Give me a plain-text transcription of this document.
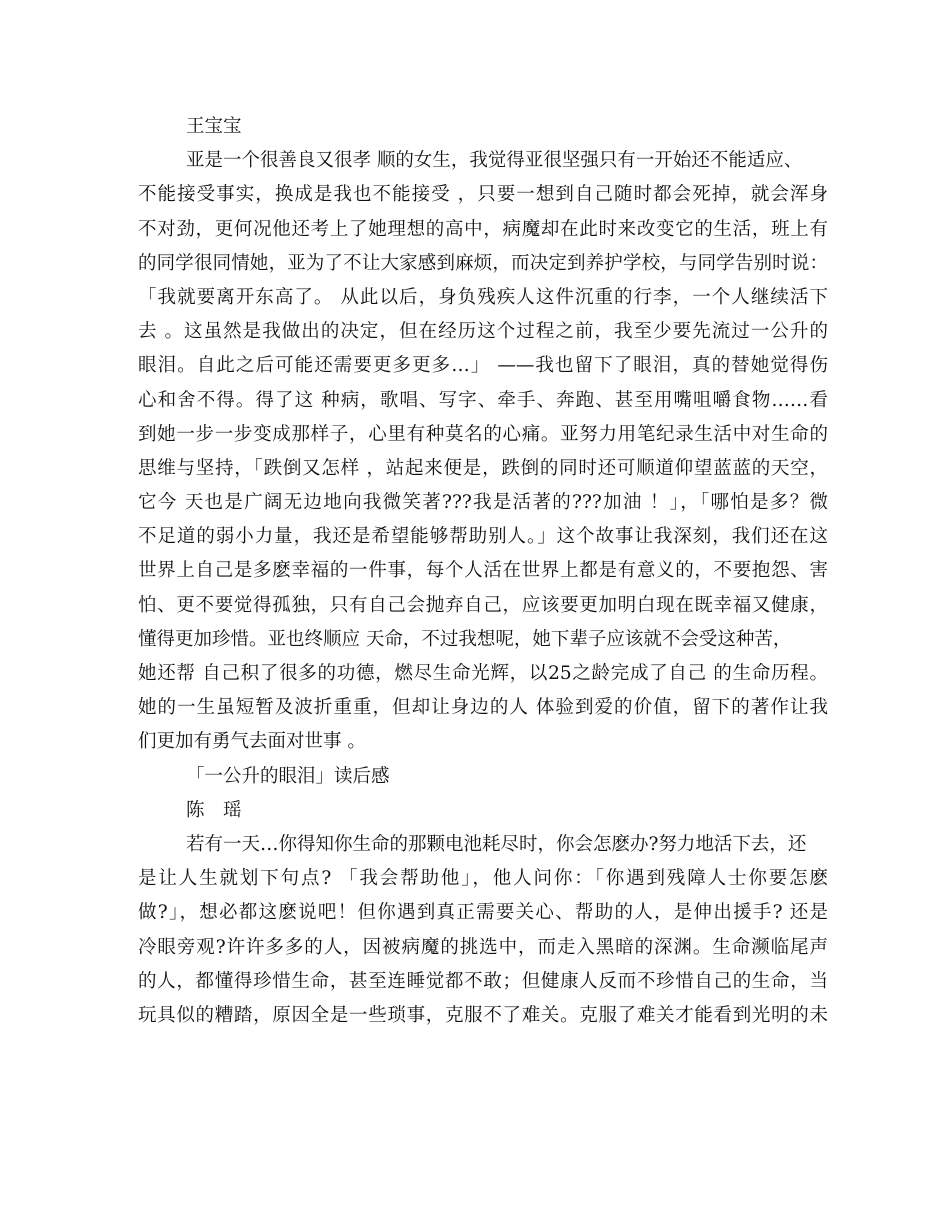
王宝宝
亚是一个很善良又很孝 顺的女生，我觉得亚很坚强只有一开始还不能适应、
不能接受事实，换成是我也不能接受 ，只要一想到自己随时都会死掉，就会浑身
不对劲，更何况他还考上了她理想的高中，病魔却在此时来改变它的生活，班上有
的同学很同情她，亚为了不让大家感到麻烦，而决定到养护学校，与同学告别时说：
「我就要离开东高了。 从此以后，身负残疾人这件沉重的行李，一个人继续活下
去 。这虽然是我做出的决定，但在经历这个过程之前，我至少要先流过一公升的
眼泪。自此之后可能还需要更多更多…」 ——我也留下了眼泪，真的替她觉得伤
心和舍不得。得了这 种病，歌唱、写字、牵手、奔跑、甚至用嘴咀嚼食物……看
到她一步一步变成那样子，心里有种莫名的心痛。亚努力用笔纪录生活中对生命的
思维与坚持，「跌倒又怎样 ，站起来便是，跌倒的同时还可顺道仰望蓝蓝的天空，
它今 天也是广阔无边地向我微笑著???我是活著的???加油 ！」，「哪怕是多？微
不足道的弱小力量，我还是希望能够帮助别人。」这个故事让我深刻，我们还在这
世界上自己是多麽幸福的一件事，每个人活在世界上都是有意义的，不要抱怨、害
怕、更不要觉得孤独，只有自己会抛弃自己，应该要更加明白现在既幸福又健康，
懂得更加珍惜。亚也终顺应 天命，不过我想呢，她下辈子应该就不会受这种苦，
她还帮 自己积了很多的功德，燃尽生命光辉，以25之龄完成了自己 的生命历程。
她的一生虽短暂及波折重重，但却让身边的人 体验到爱的价值，留下的著作让我
们更加有勇气去面对世事 。
「一公升的眼泪」读后感
陈　瑶
若有一天…你得知你生命的那颗电池耗尽时，你会怎麽办?努力地活下去，还
是让人生就划下句点? 「我会帮助他」，他人问你：「你遇到残障人士你要怎麽
做?」，想必都这麽说吧！但你遇到真正需要关心、帮助的人，是伸出援手? 还是
冷眼旁观?许许多多的人，因被病魔的挑选中，而走入黑暗的深渊。生命濒临尾声
的人，都懂得珍惜生命，甚至连睡觉都不敢；但健康人反而不珍惜自己的生命，当
玩具似的糟踏，原因全是一些琐事，克服不了难关。克服了难关才能看到光明的未
